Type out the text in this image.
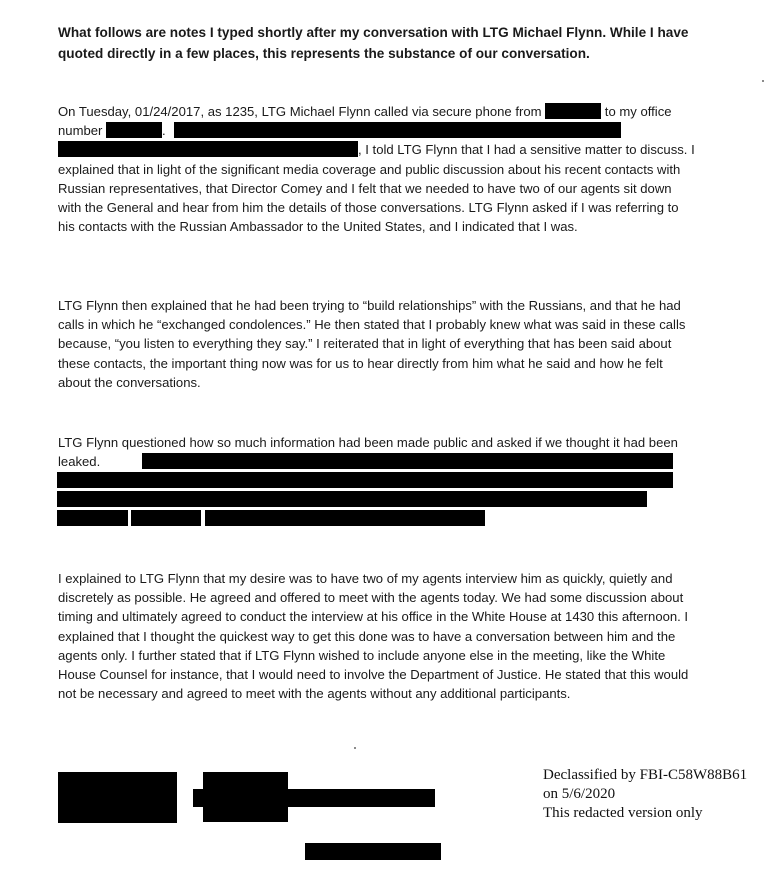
What follows are notes I typed shortly after my conversation with LTG Michael Flynn. While I have quoted directly in a few places, this represents the substance of our conversation.
On Tuesday, 01/24/2017, as 1235, LTG Michael Flynn called via secure phone from	to my office number	., I told LTG Flynn that I had a sensitive matter to discuss. I explained that in light of the significant media coverage and public discussion about his recent contacts with Russian representatives, that Director Comey and I felt that we needed to have two of our agents sit down with the General and hear from him the details of those conversations. LTG Flynn asked if I was referring to his contacts with the Russian Ambassador to the United States, and I indicated that I was.
LTG Flynn then explained that he had been trying to “build relationships” with the Russians, and that he had calls in which he “exchanged condolences.” He then stated that I probably knew what was said in these calls because, “you listen to everything they say.” I reiterated that in light of everything that has been said about these contacts, the important thing now was for us to hear directly from him what he said and how he felt about the conversations.
LTG Flynn questioned how so much information had been made public and asked if we thought it had been leaked.
I explained to LTG Flynn that my desire was to have two of my agents interview him as quickly, quietly and discretely as possible. He agreed and offered to meet with the agents today. We had some discussion about timing and ultimately agreed to conduct the interview at his office in the White House at 1430 this afternoon. I explained that I thought the quickest way to get this done was to have a conversation between him and the agents only. I further stated that if LTG Flynn wished to include anyone else in the meeting, like the White House Counsel for instance, that I would need to involve the Department of Justice. He stated that this would not be necessary and agreed to meet with the agents without any additional participants.
Declassified by FBI-C58W88B61
on 5/6/2020
This redacted version only
